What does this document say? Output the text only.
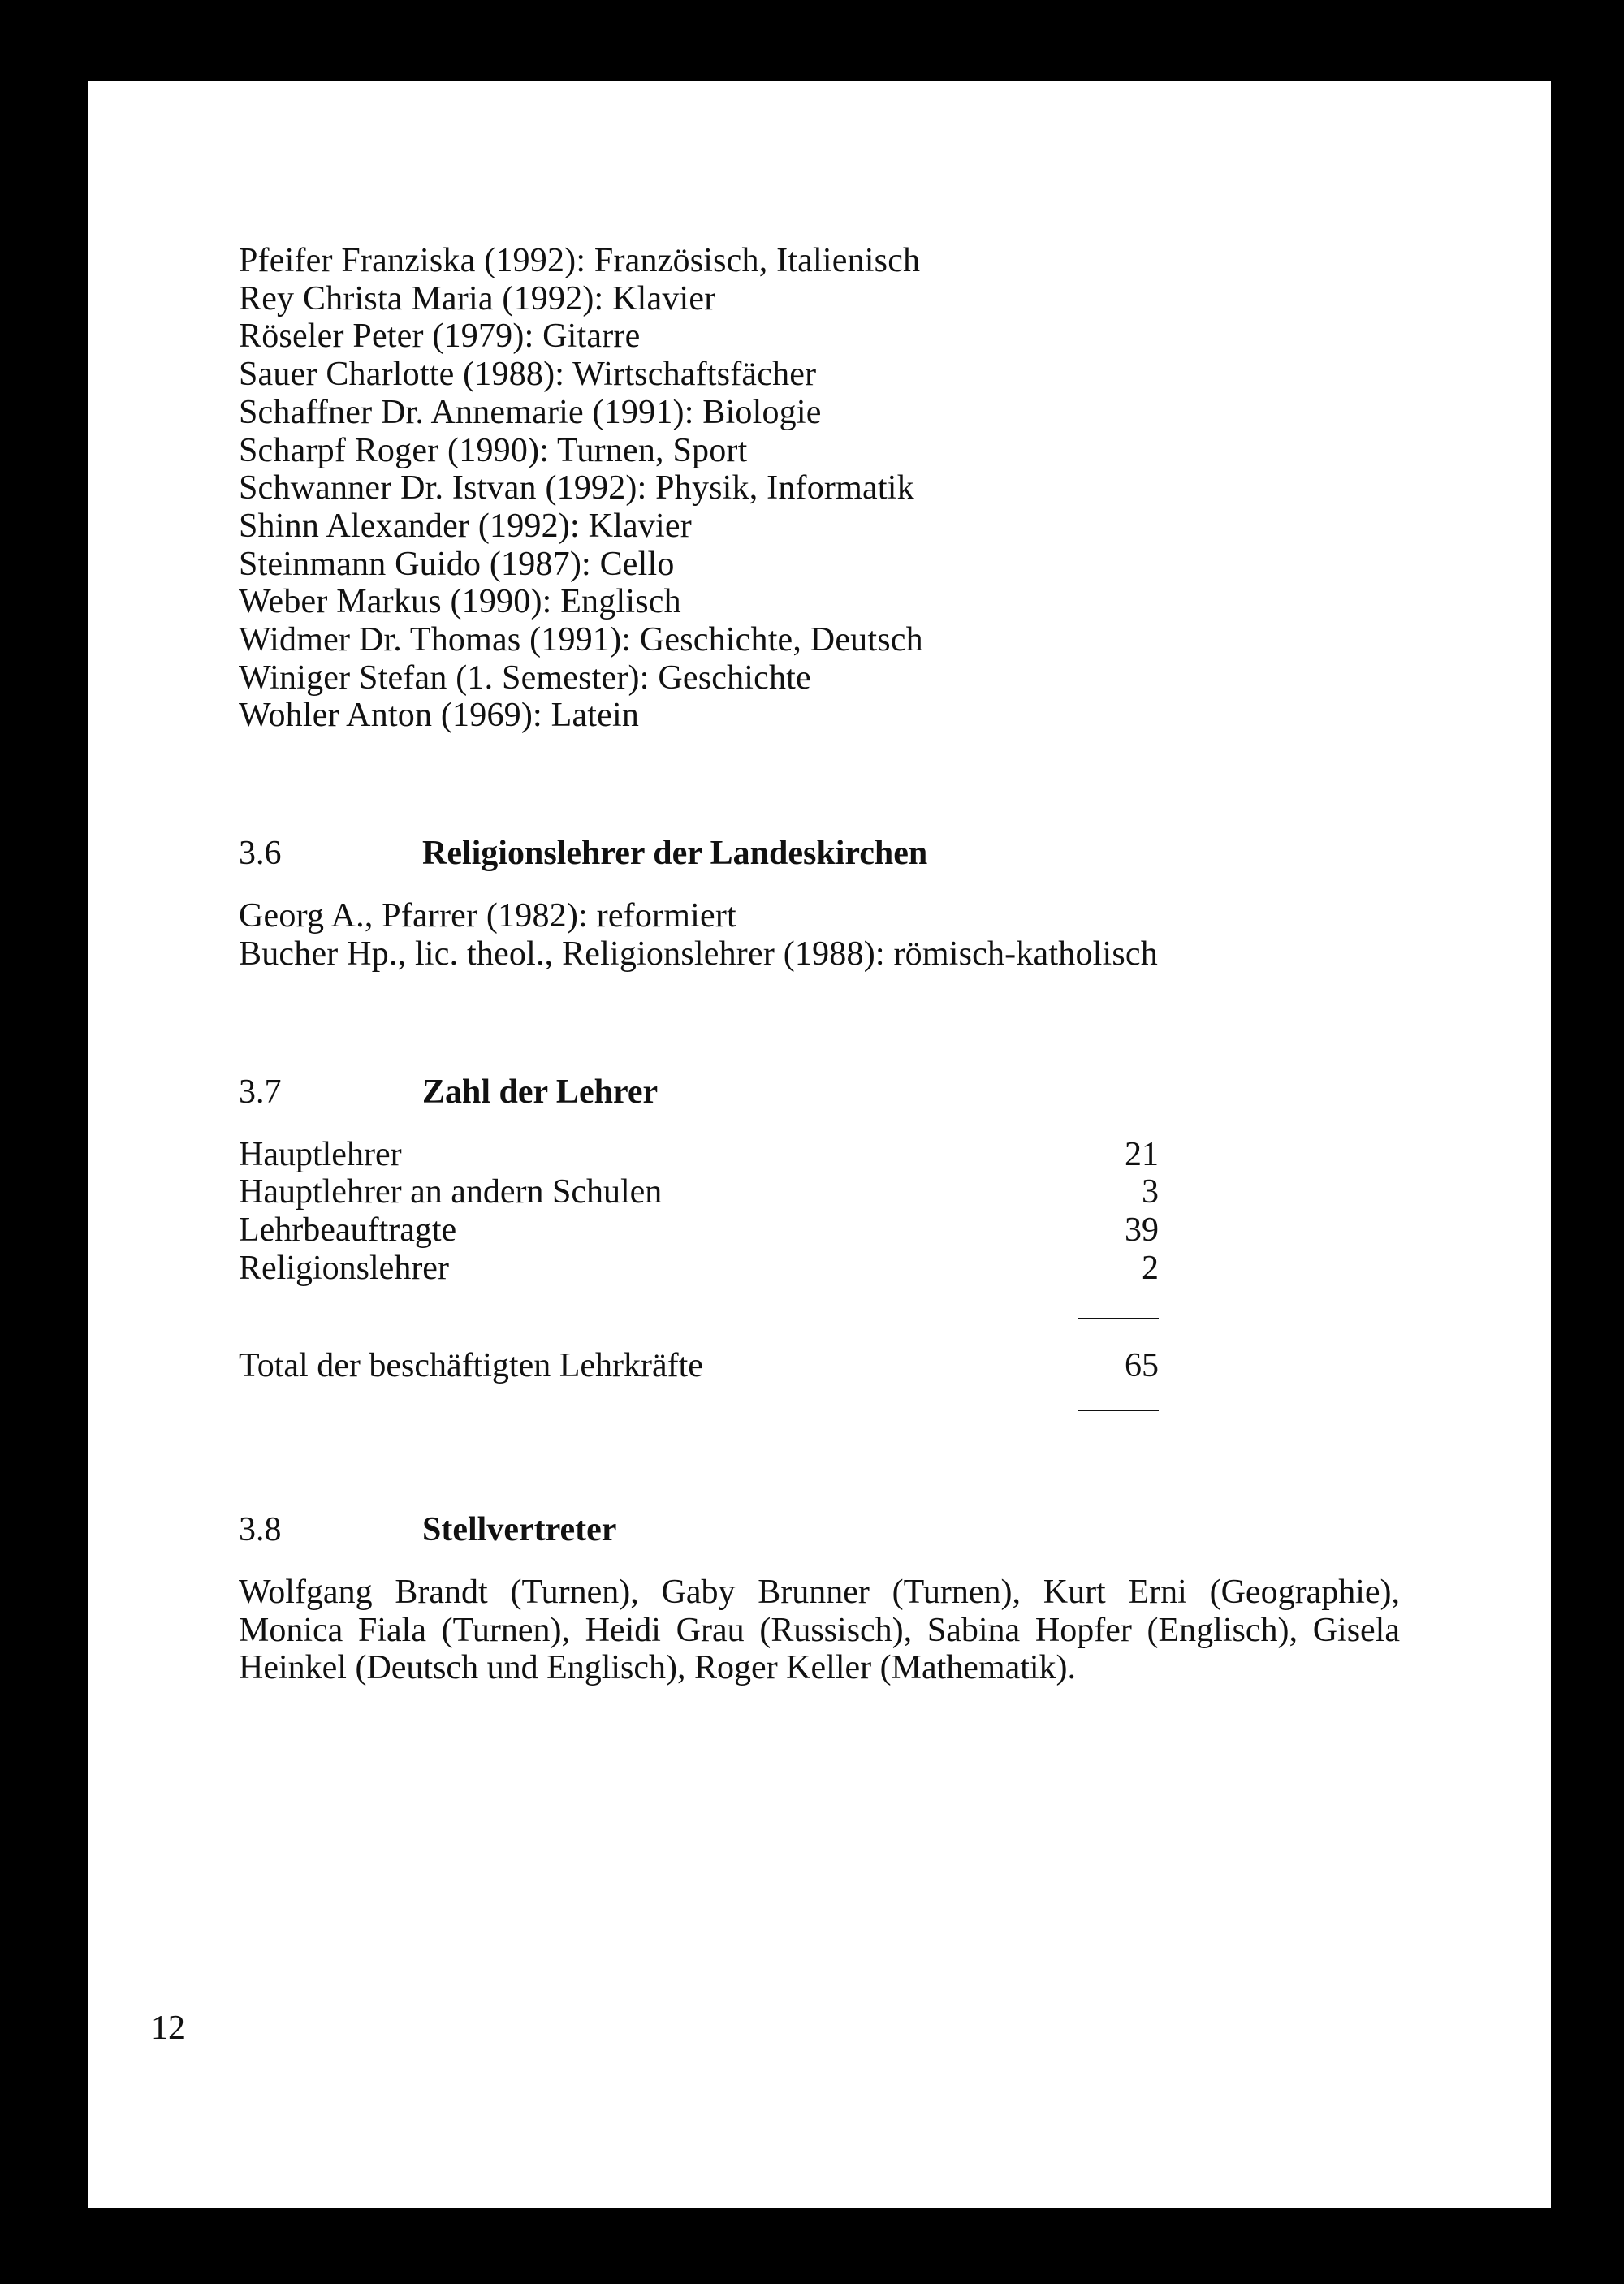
Pfeifer Franziska (1992): Französisch, Italienisch
Rey Christa Maria (1992): Klavier
Röseler Peter (1979): Gitarre
Sauer Charlotte (1988): Wirtschaftsfächer
Schaffner Dr. Annemarie (1991): Biologie
Scharpf Roger (1990): Turnen, Sport
Schwanner Dr. Istvan (1992): Physik, Informatik
Shinn Alexander (1992): Klavier
Steinmann Guido (1987): Cello
Weber Markus (1990): Englisch
Widmer Dr. Thomas (1991): Geschichte, Deutsch
Winiger Stefan (1. Semester): Geschichte
Wohler Anton (1969): Latein
3.6	Religionslehrer der Landeskirchen
Georg A., Pfarrer (1982): reformiert
Bucher Hp., lic. theol., Religionslehrer (1988): römisch-katholisch
3.7	Zahl der Lehrer
Hauptlehrer	21
Hauptlehrer an andern Schulen	3
Lehrbeauftragte	39
Religionslehrer	2
Total der beschäftigten Lehrkräfte	65
3.8	Stellvertreter
Wolfgang Brandt (Turnen), Gaby Brunner (Turnen), Kurt Erni (Geographie), Monica Fiala (Turnen), Heidi Grau (Russisch), Sabina Hopfer (Englisch), Gisela Heinkel (Deutsch und Englisch), Roger Keller (Mathematik).
12
